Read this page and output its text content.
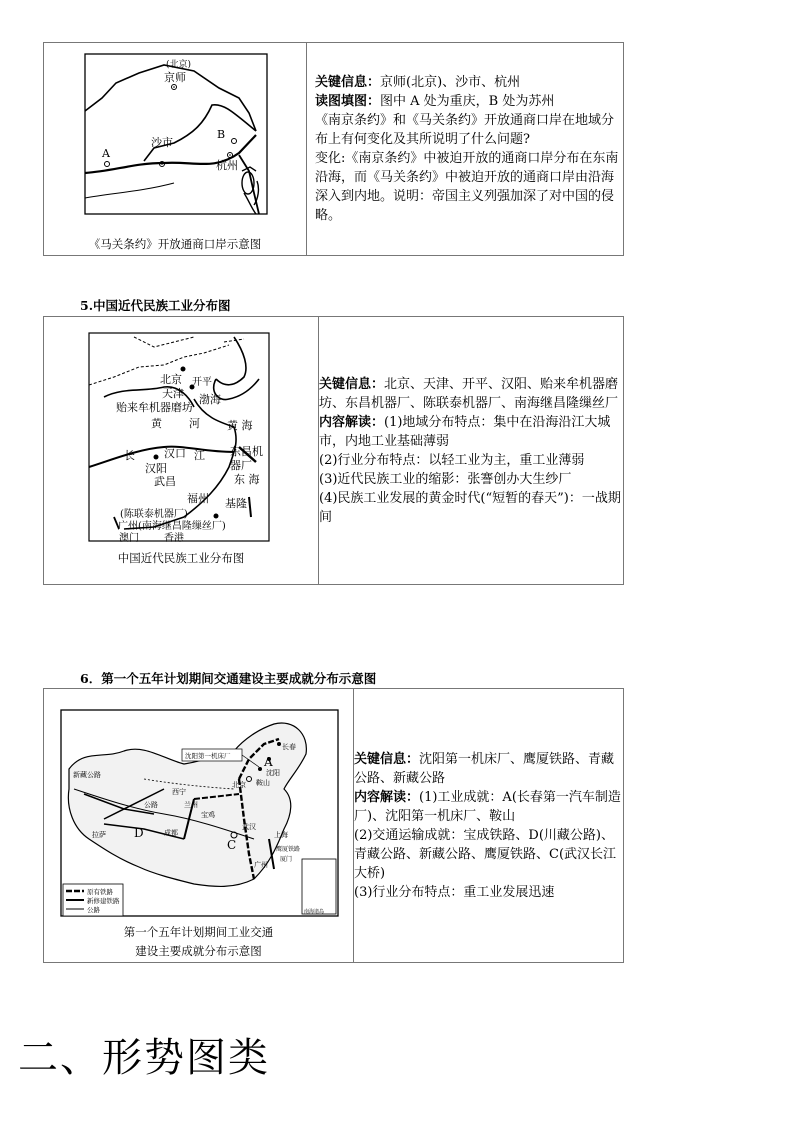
(北京)
京师
沙市
杭州
A
B
《马关条约》开放通商口岸示意图

关键信息：京师(北京)、沙市、杭州
读图填图：图中 A 处为重庆，B 处为苏州
《南京条约》和《马关条约》开放通商口岸在地域分布上有何变化及其所说明了什么问题?
变化:《南京条约》中被迫开放的通商口岸分布在东南沿海，而《马关条约》中被迫开放的通商口岸由沿海深入到内地。说明：帝国主义列强加深了对中国的侵略。
5.中国近代民族工业分布图
北京 开平
天津 渤海
贻来牟机器磨坊
黄 河 黄 海
长	汉口
汉阳
江
武昌
东昌机
器厂
东 海
福州 基隆
(陈联泰机器厂)
广州(南海继昌隆缫丝厂)
澳门	香港
中国近代民族工业分布图

关键信息：北京、天津、开平、汉阳、贻来牟机器磨坊、东昌机器厂、陈联泰机器厂、南海继昌隆缫丝厂
内容解读：(1)地域分布特点：集中在沿海沿江大城市，内地工业基础薄弱
(2)行业分布特点：以轻工业为主，重工业薄弱
(3)近代民族工业的缩影：张謇创办大生纱厂
(4)民族工业发展的黄金时代(“短暂的春天”)：一战期间
6．第一个五年计划期间交通建设主要成就分布示意图
原有铁路
新修建铁路
公路
沈阳第一机床厂	A
长春
沈阳
北京 鞍山
西宁
兰州
宝鸡
成都
武汉
上海
广州
拉萨 D
C
新藏公路
公路
鹰厦铁路
厦门
南海诸岛
第一个五年计划期间工业交通
建设主要成就分布示意图

关键信息：沈阳第一机床厂、鹰厦铁路、青藏公路、新藏公路
内容解读：(1)工业成就：A(长春第一汽车制造厂)、沈阳第一机床厂、鞍山
(2)交通运输成就：宝成铁路、D(川藏公路)、青藏公路、新藏公路、鹰厦铁路、C(武汉长江大桥)
(3)行业分布特点：重工业发展迅速
二、形势图类
